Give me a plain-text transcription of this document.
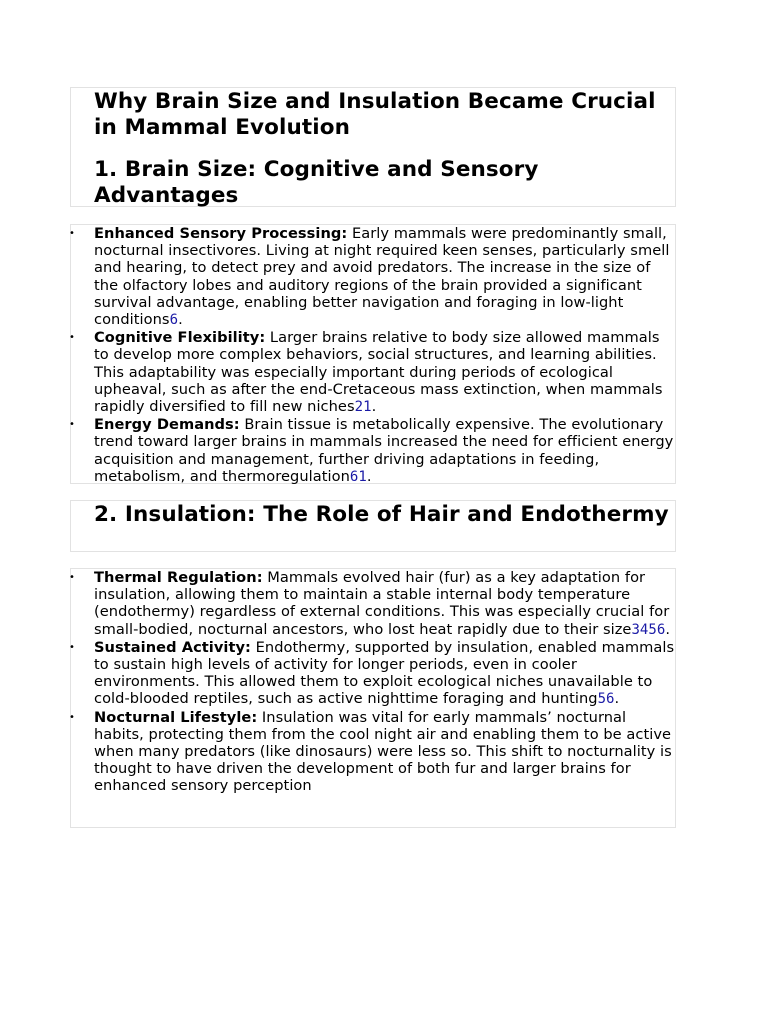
Why Brain Size and Insulation Became Crucial in Mammal Evolution
1. Brain Size: Cognitive and Sensory Advantages
• Enhanced Sensory Processing: Early mammals were predominantly small, nocturnal insectivores. Living at night required keen senses, particularly smell and hearing, to detect prey and avoid predators. The increase in the size of the olfactory lobes and auditory regions of the brain provided a significant survival advantage, enabling better navigation and foraging in low-light conditions6.
• Cognitive Flexibility: Larger brains relative to body size allowed mammals to develop more complex behaviors, social structures, and learning abilities. This adaptability was especially important during periods of ecological upheaval, such as after the end-Cretaceous mass extinction, when mammals rapidly diversified to fill new niches21.
• Energy Demands: Brain tissue is metabolically expensive. The evolutionary trend toward larger brains in mammals increased the need for efficient energy acquisition and management, further driving adaptations in feeding, metabolism, and thermoregulation61.
2. Insulation: The Role of Hair and Endothermy
• Thermal Regulation: Mammals evolved hair (fur) as a key adaptation for insulation, allowing them to maintain a stable internal body temperature (endothermy) regardless of external conditions. This was especially crucial for small-bodied, nocturnal ancestors, who lost heat rapidly due to their size3456.
• Sustained Activity: Endothermy, supported by insulation, enabled mammals to sustain high levels of activity for longer periods, even in cooler environments. This allowed them to exploit ecological niches unavailable to cold-blooded reptiles, such as active nighttime foraging and hunting56.
• Nocturnal Lifestyle: Insulation was vital for early mammals’ nocturnal habits, protecting them from the cool night air and enabling them to be active when many predators (like dinosaurs) were less so. This shift to nocturnality is thought to have driven the development of both fur and larger brains for enhanced sensory perception
